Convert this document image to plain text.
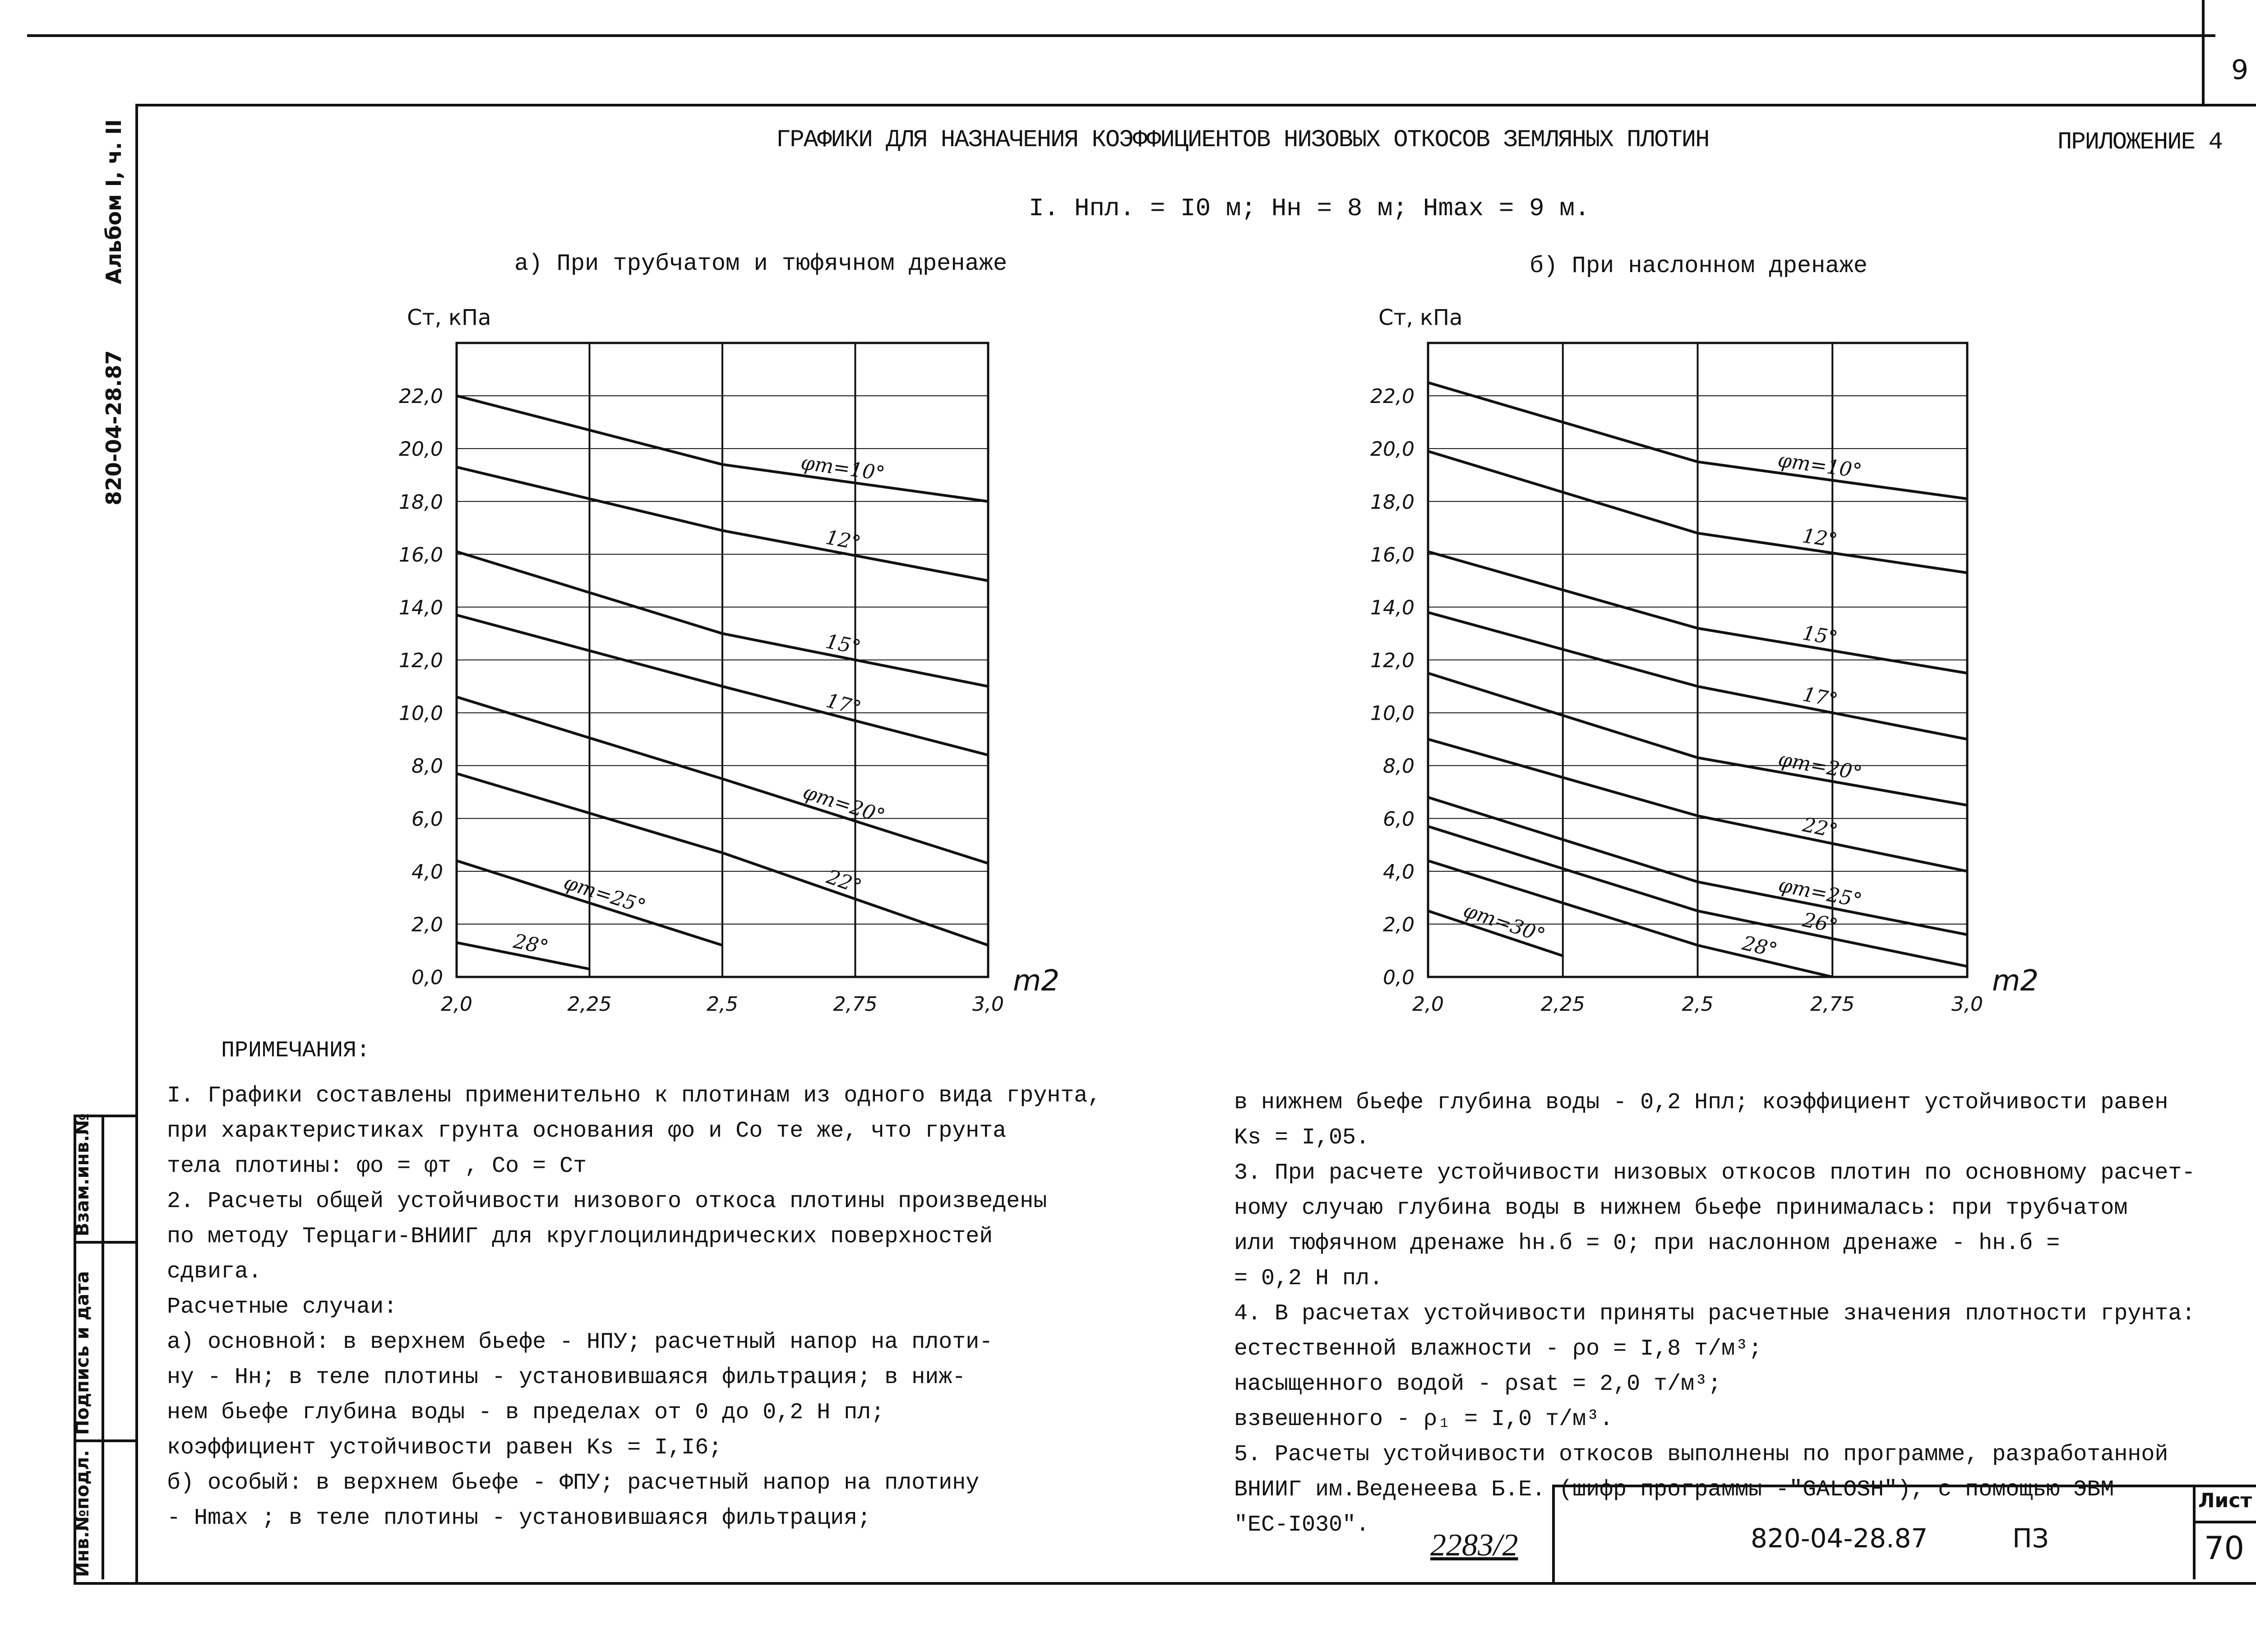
9
Альбом I, ч. II
820-04-28.87
Взам.инв.№
Подпись и дата
Инв.№подл.
ГРАФИКИ ДЛЯ НАЗНАЧЕНИЯ КОЭФФИЦИЕНТОВ НИЗОВЫХ ОТКОСОВ ЗЕМЛЯНЫХ ПЛОТИН	ПРИЛОЖЕНИЕ 4
I. Hпл. = I0 м; Hн = 8 м; Hmax = 9 м.
а) При трубчатом и тюфячном дренаже	б) При наслонном дренаже
0,0
2,0
4,0
6,0
8,0
10,0
12,0
14,0
16,0
18,0
20,0
22,0
2,0	2,25	2,5	2,75	3,0
Cт, кПа
m2
φт=10°
12°
15°
17°
φт=20°
22°
φт=25°
28°
0,0
2,0
4,0
6,0
8,0
10,0
12,0
14,0
16,0
18,0
20,0
22,0
2,0	2,25	2,5	2,75	3,0
Cт, кПа
m2
φт=10°
12°
15°
17°
φт=20°
22°
φт=25°
26°
28°
φт=30°
ПРИМЕЧАНИЯ:
I. Графики составлены применительно к плотинам из одного вида грунта,
при характеристиках грунта основания φо и Со те же, что грунта
тела плотины: φо = φт , Со = Ст
2. Расчеты общей устойчивости низового откоса плотины произведены
по методу Терцаги-ВНИИГ для круглоцилиндрических поверхностей
сдвига.
Расчетные случаи:
а) основной: в верхнем бьефе - НПУ; расчетный напор на плоти-
ну - Нн; в теле плотины - установившаяся фильтрация; в ниж-
нем бьефе глубина воды - в пределах от 0 до 0,2 Н пл;
коэффициент устойчивости равен Ks = I,I6;
б) особый: в верхнем бьефе - ФПУ; расчетный напор на плотину
- Hmax ; в теле плотины - установившаяся фильтрация;
в нижнем бьефе глубина воды - 0,2 Нпл; коэффициент устойчивости равен
Ks = I,05.
3. При расчете устойчивости низовых откосов плотин по основному расчет-
ному случаю глубина воды в нижнем бьефе принималась: при трубчатом
или тюфячном дренаже hн.б = 0; при наслонном дренаже - hн.б =
= 0,2 Н пл.
4. В расчетах устойчивости приняты расчетные значения плотности грунта:
естественной влажности - ρо = I,8 т/м³;
насыщенного водой - ρsat = 2,0 т/м³;
взвешенного - ρ₁ = I,0 т/м³.
5. Расчеты устойчивости откосов выполнены по программе, разработанной
ВНИИГ им.Веденеева Б.Е. (шифр программы -"GALOSH"), с помощью ЭВМ
"ЕС-I030".
2283/2	820-04-28.87	ПЗ
Лист
70
